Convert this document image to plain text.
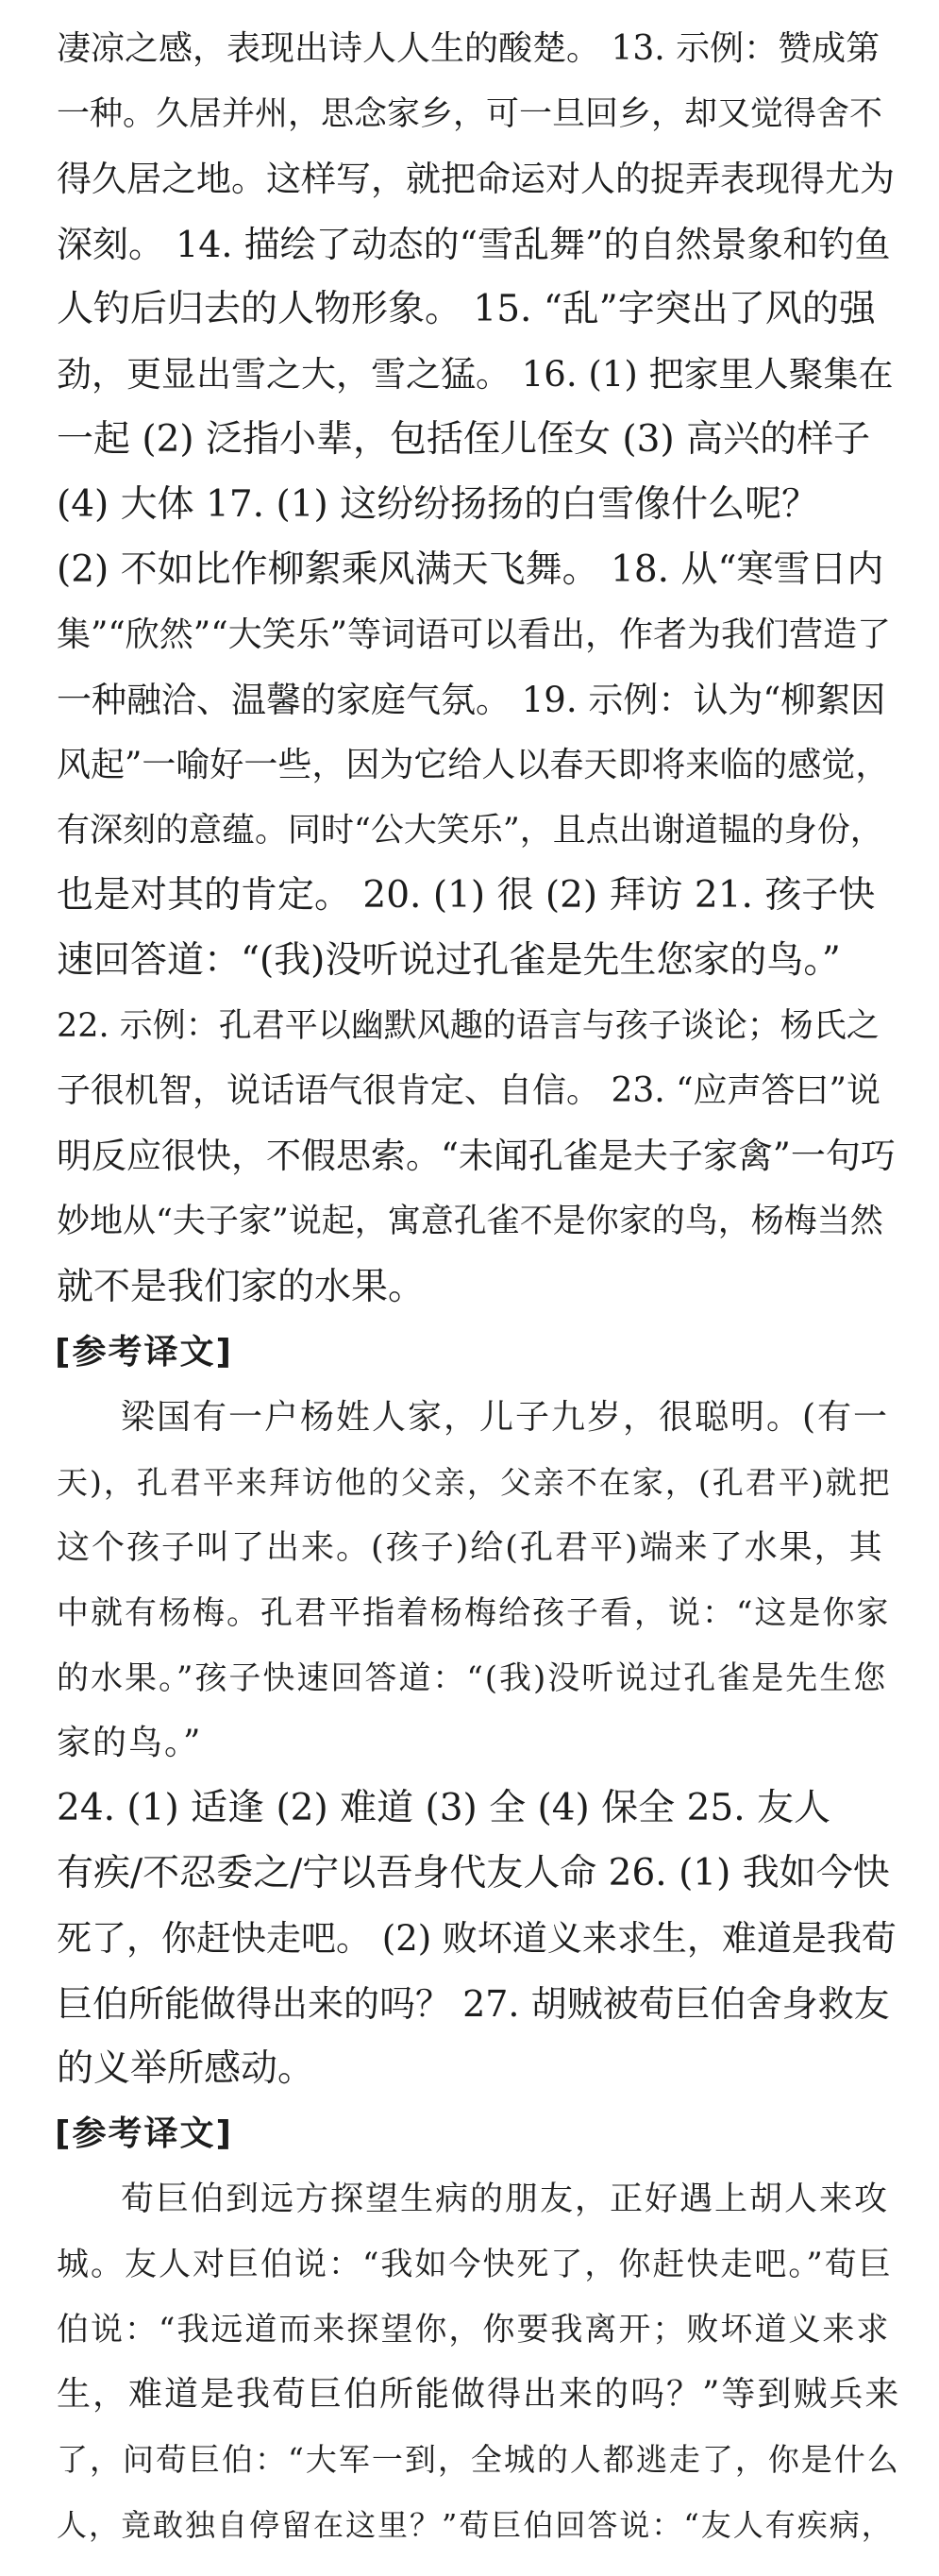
凄凉之感，表现出诗人人生的酸楚。 13. 示例：赞成第
一种。久居并州，思念家乡，可一旦回乡，却又觉得舍不
得久居之地。这样写，就把命运对人的捉弄表现得尤为
深刻。 14. 描绘了动态的“雪乱舞”的自然景象和钓鱼
人钓后归去的人物形象。 15. “乱”字突出了风的强
劲，更显出雪之大，雪之猛。 16. (1) 把家里人聚集在
一起 (2) 泛指小辈，包括侄儿侄女 (3) 高兴的样子
(4) 大体 17. (1) 这纷纷扬扬的白雪像什么呢？
(2) 不如比作柳絮乘风满天飞舞。 18. 从“寒雪日内
集”“欣然”“大笑乐”等词语可以看出，作者为我们营造了
一种融洽、温馨的家庭气氛。 19. 示例：认为“柳絮因
风起”一喻好一些，因为它给人以春天即将来临的感觉，
有深刻的意蕴。同时“公大笑乐”，且点出谢道韫的身份，
也是对其的肯定。 20. (1) 很 (2) 拜访 21. 孩子快
速回答道：“(我)没听说过孔雀是先生您家的鸟。”
22. 示例：孔君平以幽默风趣的语言与孩子谈论；杨氏之
子很机智，说话语气很肯定、自信。 23. “应声答曰”说
明反应很快，不假思索。“未闻孔雀是夫子家禽”一句巧
妙地从“夫子家”说起，寓意孔雀不是你家的鸟，杨梅当然
就不是我们家的水果。
[参考译文]
梁国有一户杨姓人家，儿子九岁，很聪明。(有一
天)，孔君平来拜访他的父亲，父亲不在家，(孔君平)就把
这个孩子叫了出来。(孩子)给(孔君平)端来了水果，其
中就有杨梅。孔君平指着杨梅给孩子看，说：“这是你家
的水果。”孩子快速回答道：“(我)没听说过孔雀是先生您
家的鸟。”
24. (1) 适逢 (2) 难道 (3) 全 (4) 保全 25. 友人
有疾/不忍委之/宁以吾身代友人命 26. (1) 我如今快
死了，你赶快走吧。 (2) 败坏道义来求生，难道是我荀
巨伯所能做得出来的吗？ 27. 胡贼被荀巨伯舍身救友
的义举所感动。
[参考译文]
荀巨伯到远方探望生病的朋友，正好遇上胡人来攻
城。友人对巨伯说：“我如今快死了，你赶快走吧。”荀巨
伯说：“我远道而来探望你，你要我离开；败坏道义来求
生，难道是我荀巨伯所能做得出来的吗？”等到贼兵来
了，问荀巨伯：“大军一到，全城的人都逃走了，你是什么
人，竟敢独自停留在这里？”荀巨伯回答说：“友人有疾病，
